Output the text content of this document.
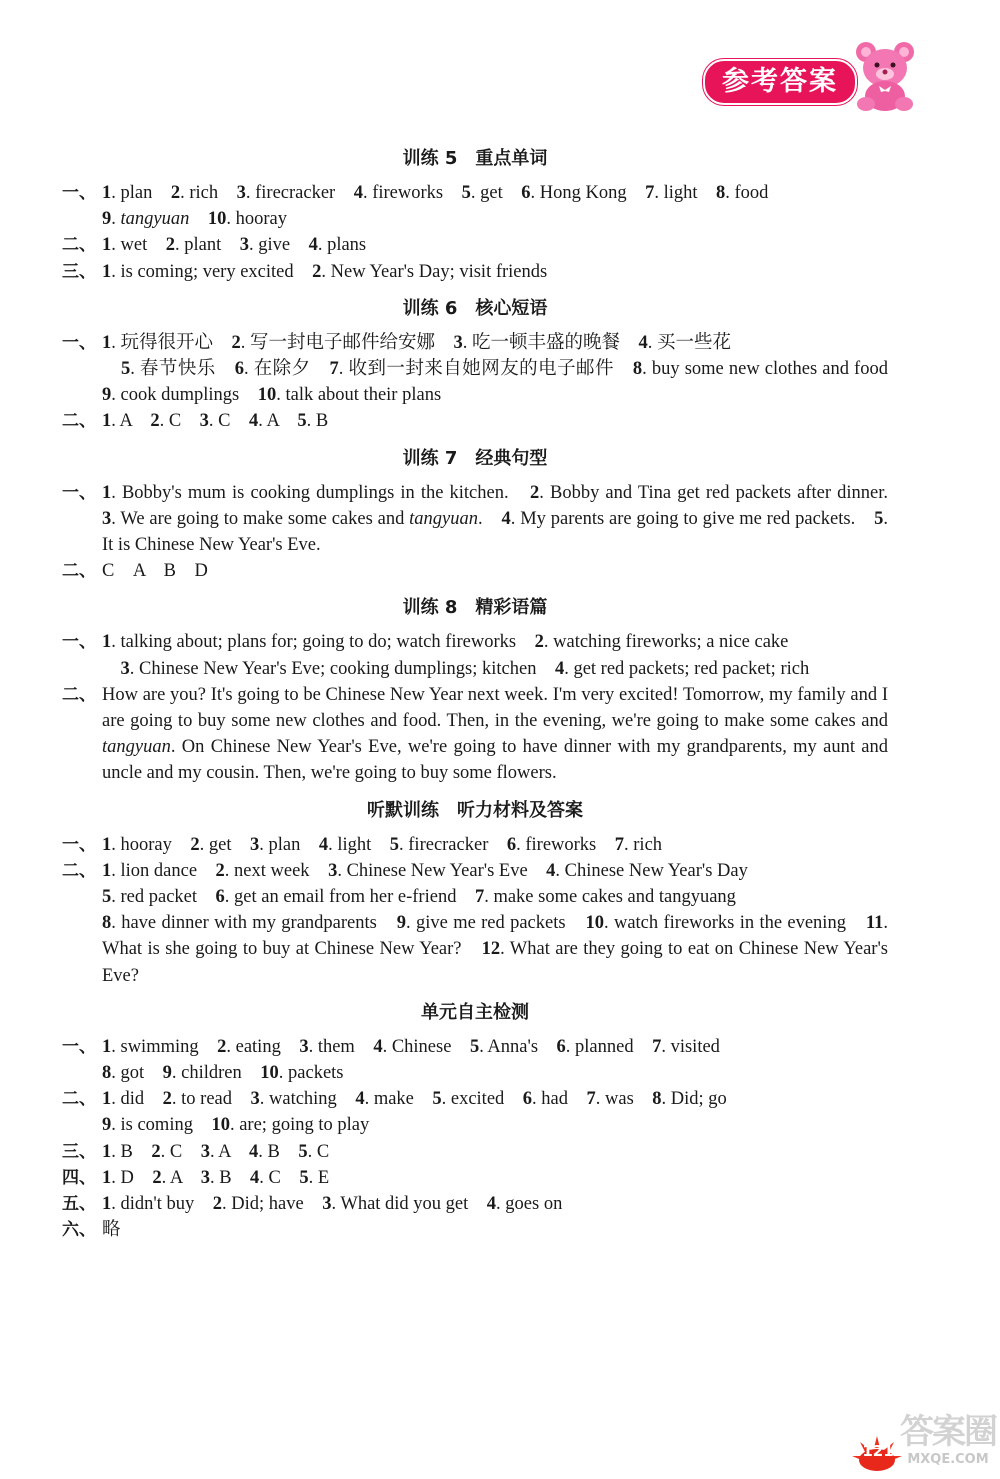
参考答案
训练 5　重点单词
一、 1. plan　2. rich　3. firecracker　4. fireworks　5. get　6. Hong Kong　7. light　8. food
9. tangyuan　 10. hooray
二、 1. wet　2. plant　3. give　4. plans
三、 1. is coming; very excited　2. New Year's Day; visit friends
训练 6　核心短语
一、 1. 玩得很开心　2. 写一封电子邮件给安娜　3. 吃一顿丰盛的晚餐　4. 买一些花
　5. 春节快乐　6. 在除夕　7. 收到一封来自她网友的电子邮件　8. buy some new clothes and food　9. cook dumplings　10. talk about their plans
二、 1. A　2. C　3. C　4. A　5. B
训练 7　经典句型
一、 1. Bobby's mum is cooking dumplings in the kitchen.　2. Bobby and Tina get red packets after dinner.　3. We are going to make some cakes and tangyuan.　4. My parents are going to give me red packets.　5. It is Chinese New Year's Eve.
二、 C　A　B　D
训练 8　精彩语篇
一、 1. talking about; plans for; going to do; watch fireworks　2. watching fireworks; a nice cake
　3. Chinese New Year's Eve; cooking dumplings; kitchen　4. get red packets; red packet; rich
二、 How are you? It's going to be Chinese New Year next week. I'm very excited! Tomorrow, my family and I are going to buy some new clothes and food. Then, in the evening, we're going to make some cakes and tangyuan. On Chinese New Year's Eve, we're going to have dinner with my grandparents, my aunt and uncle and my cousin. Then, we're going to buy some flowers.
听默训练　听力材料及答案
一、 1. hooray　2. get　3. plan　4. light　5. firecracker　6. fireworks　7. rich
二、 1. lion dance　2. next week　3. Chinese New Year's Eve　4. Chinese New Year's Day
5. red packet　6. get an email from her e-friend　7. make some cakes and tangyuang
8. have dinner with my grandparents　9. give me red packets　10. watch fireworks in the evening　11. What is she going to buy at Chinese New Year?　12. What are they going to eat on Chinese New Year's Eve?
单元自主检测
一、 1. swimming　2. eating　3. them　4. Chinese　5. Anna's　6. planned　7. visited
8. got　9. children　10. packets
二、 1. did　2. to read　3. watching　4. make　5. excited　6. had　7. was　8. Did; go
9. is coming　10. are; going to play
三、 1. B　2. C　3. A　4. B　5. C
四、 1. D　2. A　3. B　4. C　5. E
五、 1. didn't buy　2. Did; have　3. What did you get　4. goes on
六、 略
121 答案圈
MXQE.COM
